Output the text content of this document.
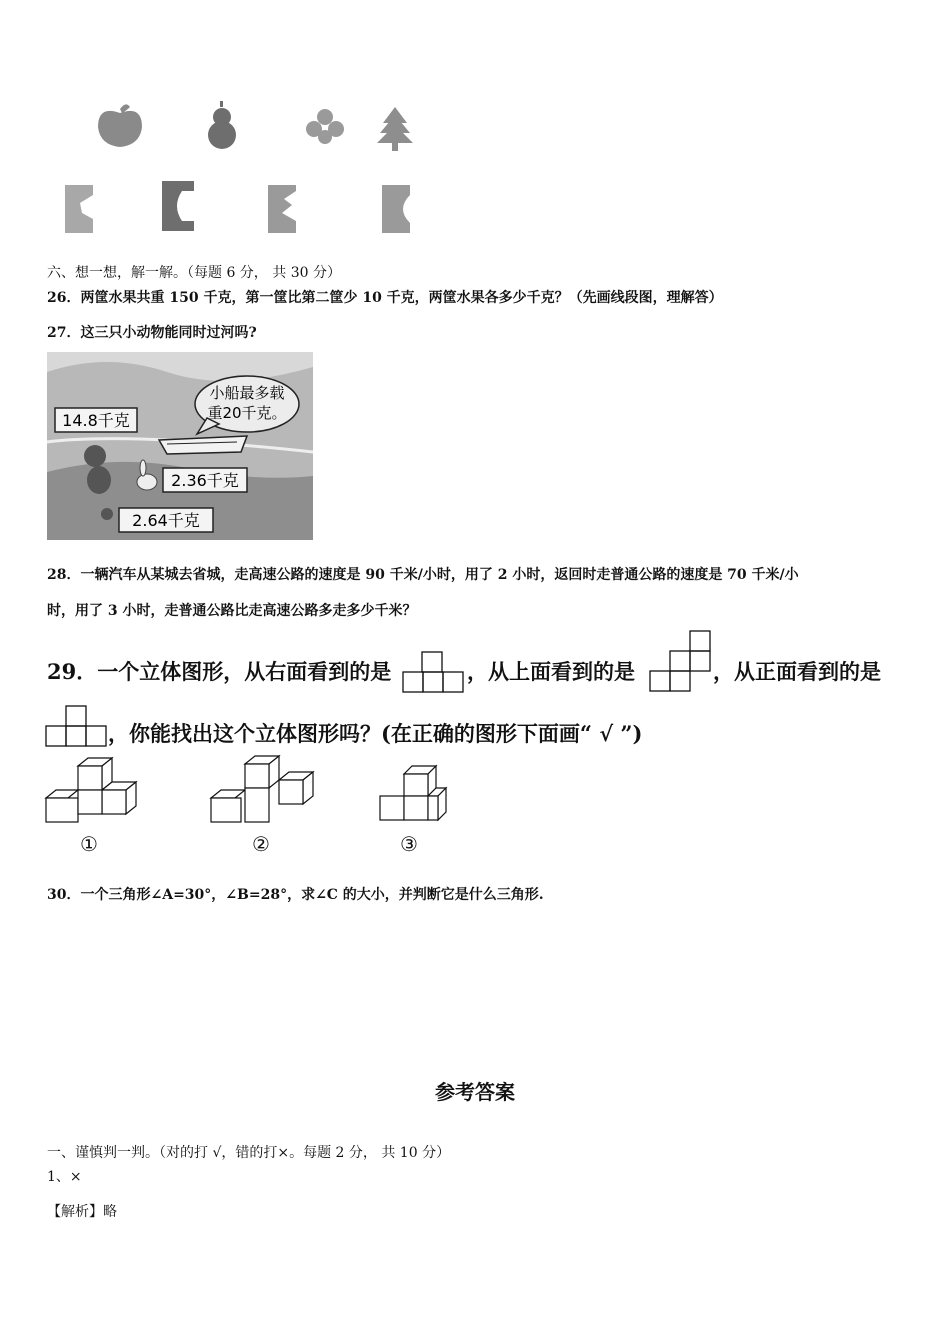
六、想一想，解一解。（每题 6 分， 共 30 分）
26．两筐水果共重 150 千克，第一筐比第二筐少 10 千克，两筐水果各多少千克？（先画线段图，理解答）
27．这三只小动物能同时过河吗?
小船最多载
重20千克。
14.8千克
2.36千克
2.64千克
28．一辆汽车从某城去省城，走高速公路的速度是 90 千米/小时，用了 2 小时，返回时走普通公路的速度是 70 千米/小
时，用了 3 小时，走普通公路比走高速公路多走多少千米？
29．一个立体图形，从右面看到的是	，从上面看到的是	，从正面看到的是
，你能找出这个立体图形吗？(在正确的图形下面画“ √ ”)
①	②	③
30．一个三角形∠A=30°，∠B=28°，求∠C 的大小，并判断它是什么三角形.
参考答案
一、谨慎判一判。（对的打 √，错的打×。每题 2 分， 共 10 分）
1、×
【解析】略
